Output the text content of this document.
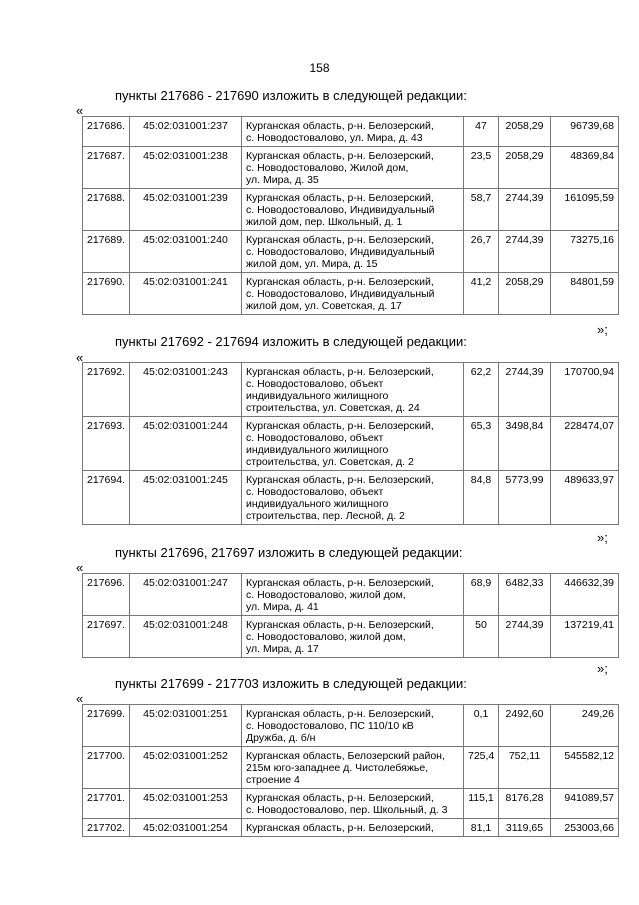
158
пункты 217686 - 217690 изложить в следующей редакции:
«
217686.	45:02:031001:237	Курганская область, р-н. Белозерский,
с. Новодостовалово, ул. Мира, д. 43	47	2058,29	96739,68
217687.	45:02:031001:238	Курганская область, р-н. Белозерский,
с. Новодостовалово, Жилой дом,
ул. Мира, д. 35	23,5	2058,29	48369,84
217688.	45:02:031001:239	Курганская область, р-н. Белозерский,
с. Новодостовалово, Индивидуальный
жилой дом, пер. Школьный, д. 1	58,7	2744,39	161095,59
217689.	45:02:031001:240	Курганская область, р-н. Белозерский,
с. Новодостовалово, Индивидуальный
жилой дом, ул. Мира, д. 15	26,7	2744,39	73275,16
217690.	45:02:031001:241	Курганская область, р-н. Белозерский,
с. Новодостовалово, Индивидуальный
жилой дом, ул. Советская, д. 17	41,2	2058,29	84801,59
»;
пункты 217692 - 217694 изложить в следующей редакции:
«
217692.	45:02:031001:243	Курганская область, р-н. Белозерский,
с. Новодостовалово, объект
индивидуального жилищного
строительства, ул. Советская, д. 24	62,2	2744,39	170700,94
217693.	45:02:031001:244	Курганская область, р-н. Белозерский,
с. Новодостовалово, объект
индивидуального жилищного
строительства, ул. Советская, д. 2	65,3	3498,84	228474,07
217694.	45:02:031001:245	Курганская область, р-н. Белозерский,
с. Новодостовалово, объект
индивидуального жилищного
строительства, пер. Лесной, д. 2	84,8	5773,99	489633,97
»;
пункты 217696, 217697 изложить в следующей редакции:
«
217696.	45:02:031001:247	Курганская область, р-н. Белозерский,
с. Новодостовалово, жилой дом,
ул. Мира, д. 41	68,9	6482,33	446632,39
217697.	45:02:031001:248	Курганская область, р-н. Белозерский,
с. Новодостовалово, жилой дом,
ул. Мира, д. 17	50	2744,39	137219,41
»;
пункты 217699 - 217703 изложить в следующей редакции:
«
217699.	45:02:031001:251	Курганская область, р-н. Белозерский,
с. Новодостовалово, ПС 110/10 кВ
Дружба, д. б/н	0,1	2492,60	249,26
217700.	45:02:031001:252	Курганская область, Белозерский район,
215м юго-западнее д. Чистолебяжье,
строение 4	725,4	752,11	545582,12
217701.	45:02:031001:253	Курганская область, р-н. Белозерский,
с. Новодостовалово, пер. Школьный, д. 3	115,1	8176,28	941089,57
217702.	45:02:031001:254	Курганская область, р-н. Белозерский,	81,1	3119,65	253003,66
